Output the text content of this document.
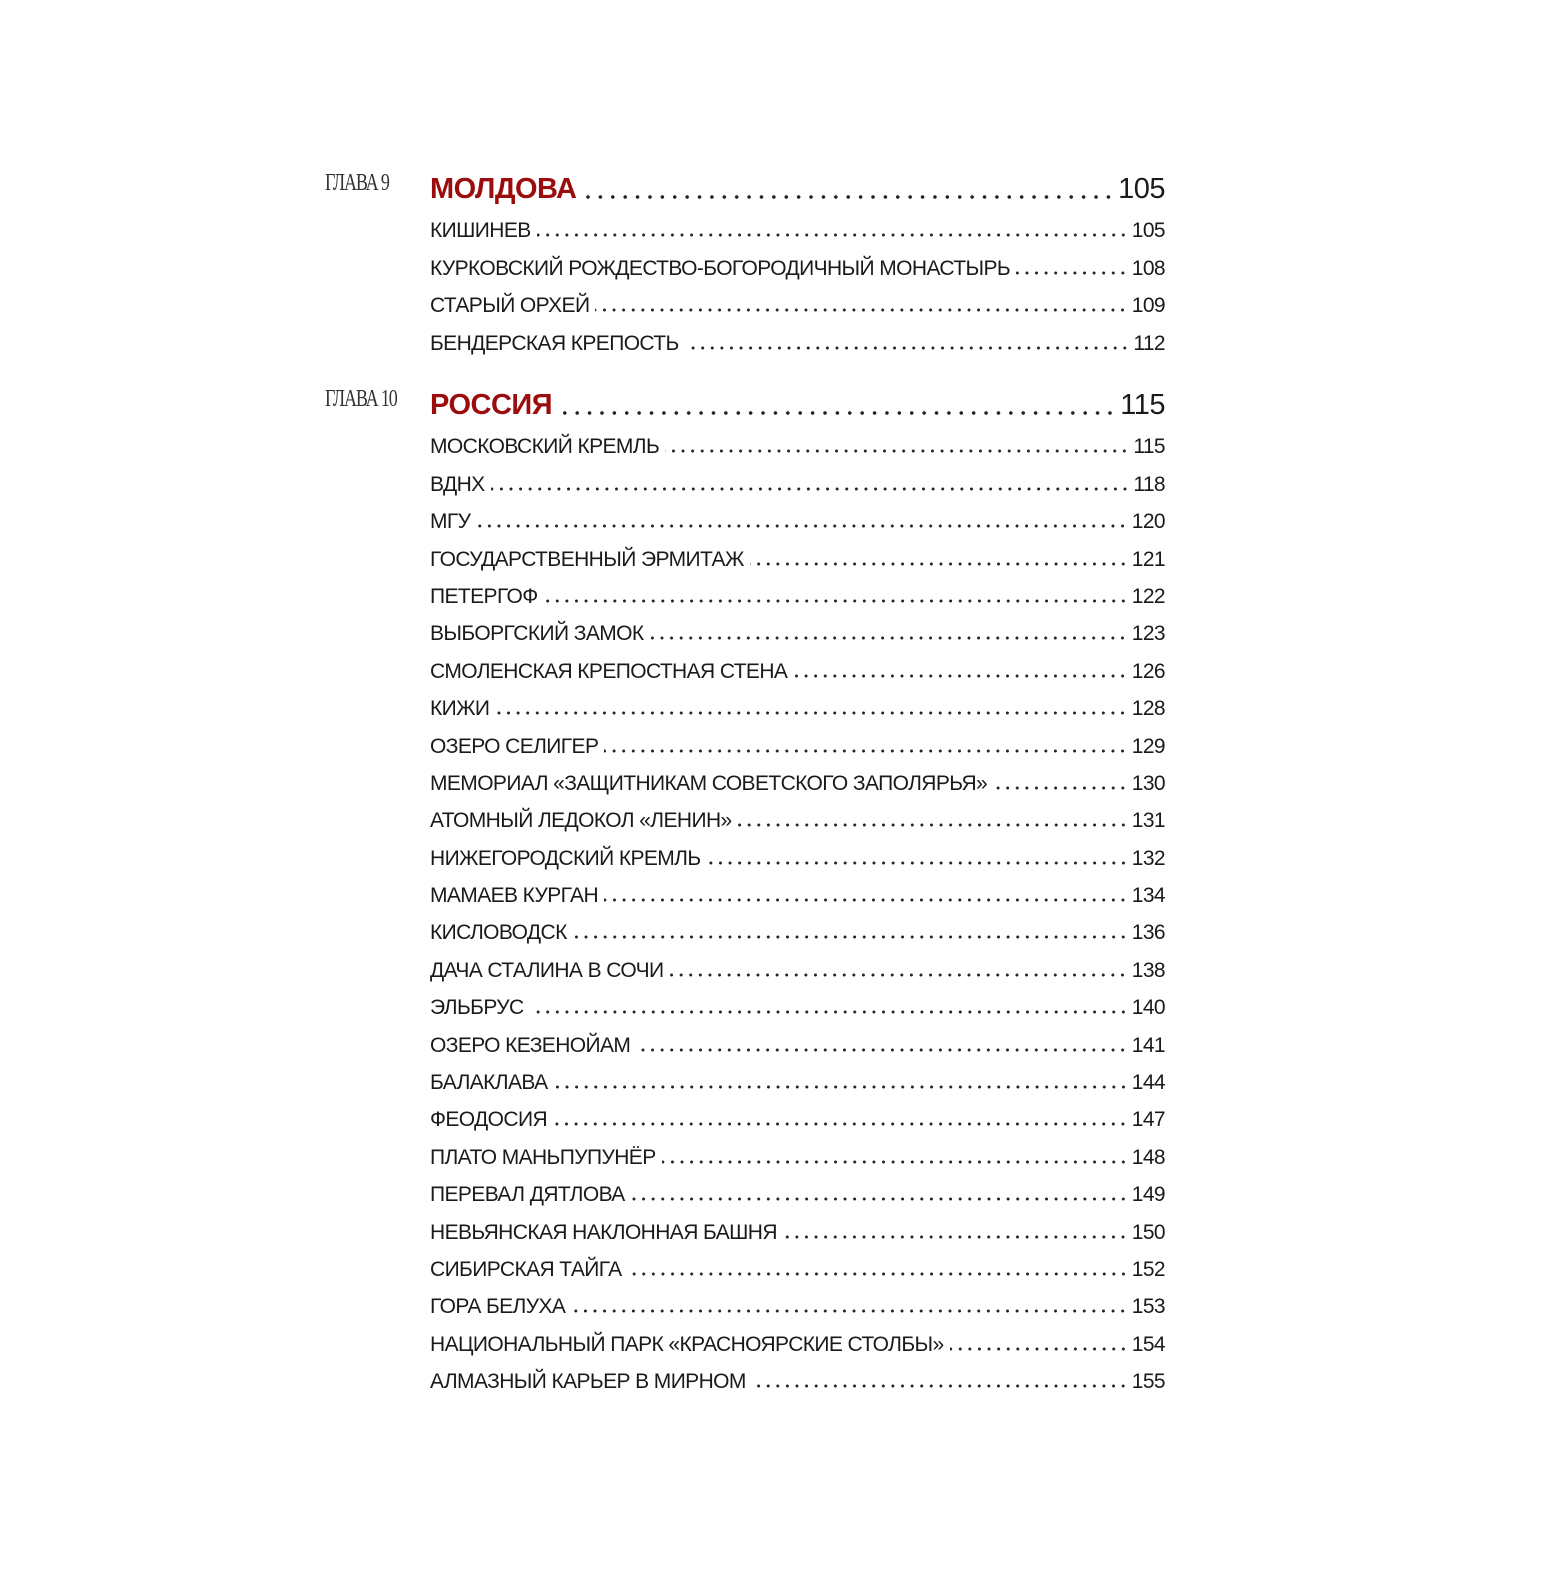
ГЛАВА 9 МОЛДОВА	105
КИШИНЕВ	105
КУРКОВСКИЙ РОЖДЕСТВО-БОГОРОДИЧНЫЙ МОНАСТЫРЬ	108
СТАРЫЙ ОРХЕЙ	109
БЕНДЕРСКАЯ КРЕПОСТЬ	112
ГЛАВА 10 РОССИЯ	115
МОСКОВСКИЙ КРЕМЛЬ	115
ВДНХ	118
МГУ	120
ГОСУДАРСТВЕННЫЙ ЭРМИТАЖ	121
ПЕТЕРГОФ	122
ВЫБОРГСКИЙ ЗАМОК	123
СМОЛЕНСКАЯ КРЕПОСТНАЯ СТЕНА	126
КИЖИ	128
ОЗЕРО СЕЛИГЕР	129
МЕМОРИАЛ «ЗАЩИТНИКАМ СОВЕТСКОГО ЗАПОЛЯРЬЯ»	130
АТОМНЫЙ ЛЕДОКОЛ «ЛЕНИН»	131
НИЖЕГОРОДСКИЙ КРЕМЛЬ	132
МАМАЕВ КУРГАН	134
КИСЛОВОДСК	136
ДАЧА СТАЛИНА В СОЧИ	138
ЭЛЬБРУС	140
ОЗЕРО КЕЗЕНОЙАМ	141
БАЛАКЛАВА	144
ФЕОДОСИЯ	147
ПЛАТО МАНЬПУПУНЁР	148
ПЕРЕВАЛ ДЯТЛОВА	149
НЕВЬЯНСКАЯ НАКЛОННАЯ БАШНЯ	150
СИБИРСКАЯ ТАЙГА	152
ГОРА БЕЛУХА	153
НАЦИОНАЛЬНЫЙ ПАРК «КРАСНОЯРСКИЕ СТОЛБЫ»	154
АЛМАЗНЫЙ КАРЬЕР В МИРНОМ	155
